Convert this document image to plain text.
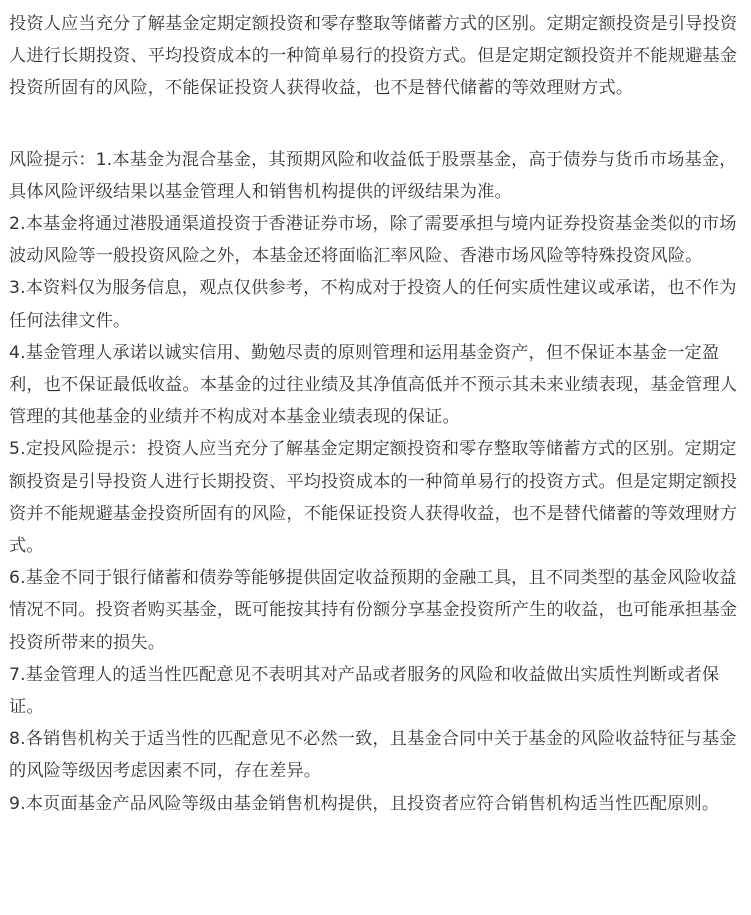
投资人应当充分了解基金定期定额投资和零存整取等储蓄方式的区别。定期定额投资是引导投资人进行长期投资、平均投资成本的一种简单易行的投资方式。但是定期定额投资并不能规避基金投资所固有的风险，不能保证投资人获得收益，也不是替代储蓄的等效理财方式。

风险提示：1.本基金为混合基金，其预期风险和收益低于股票基金，高于债券与货币市场基金，具体风险评级结果以基金管理人和销售机构提供的评级结果为准。

2.本基金将通过港股通渠道投资于香港证券市场，除了需要承担与境内证券投资基金类似的市场波动风险等一般投资风险之外，本基金还将面临汇率风险、香港市场风险等特殊投资风险。

3.本资料仅为服务信息，观点仅供参考，不构成对于投资人的任何实质性建议或承诺，也不作为任何法律文件。

4.基金管理人承诺以诚实信用、勤勉尽责的原则管理和运用基金资产，但不保证本基金一定盈利，也不保证最低收益。本基金的过往业绩及其净值高低并不预示其未来业绩表现，基金管理人管理的其他基金的业绩并不构成对本基金业绩表现的保证。

5.定投风险提示：投资人应当充分了解基金定期定额投资和零存整取等储蓄方式的区别。定期定额投资是引导投资人进行长期投资、平均投资成本的一种简单易行的投资方式。但是定期定额投资并不能规避基金投资所固有的风险，不能保证投资人获得收益，也不是替代储蓄的等效理财方式。

6.基金不同于银行储蓄和债券等能够提供固定收益预期的金融工具，且不同类型的基金风险收益情况不同。投资者购买基金，既可能按其持有份额分享基金投资所产生的收益，也可能承担基金投资所带来的损失。

7.基金管理人的适当性匹配意见不表明其对产品或者服务的风险和收益做出实质性判断或者保证。

8.各销售机构关于适当性的匹配意见不必然一致，且基金合同中关于基金的风险收益特征与基金的风险等级因考虑因素不同，存在差异。

9.本页面基金产品风险等级由基金销售机构提供，且投资者应符合销售机构适当性匹配原则。
